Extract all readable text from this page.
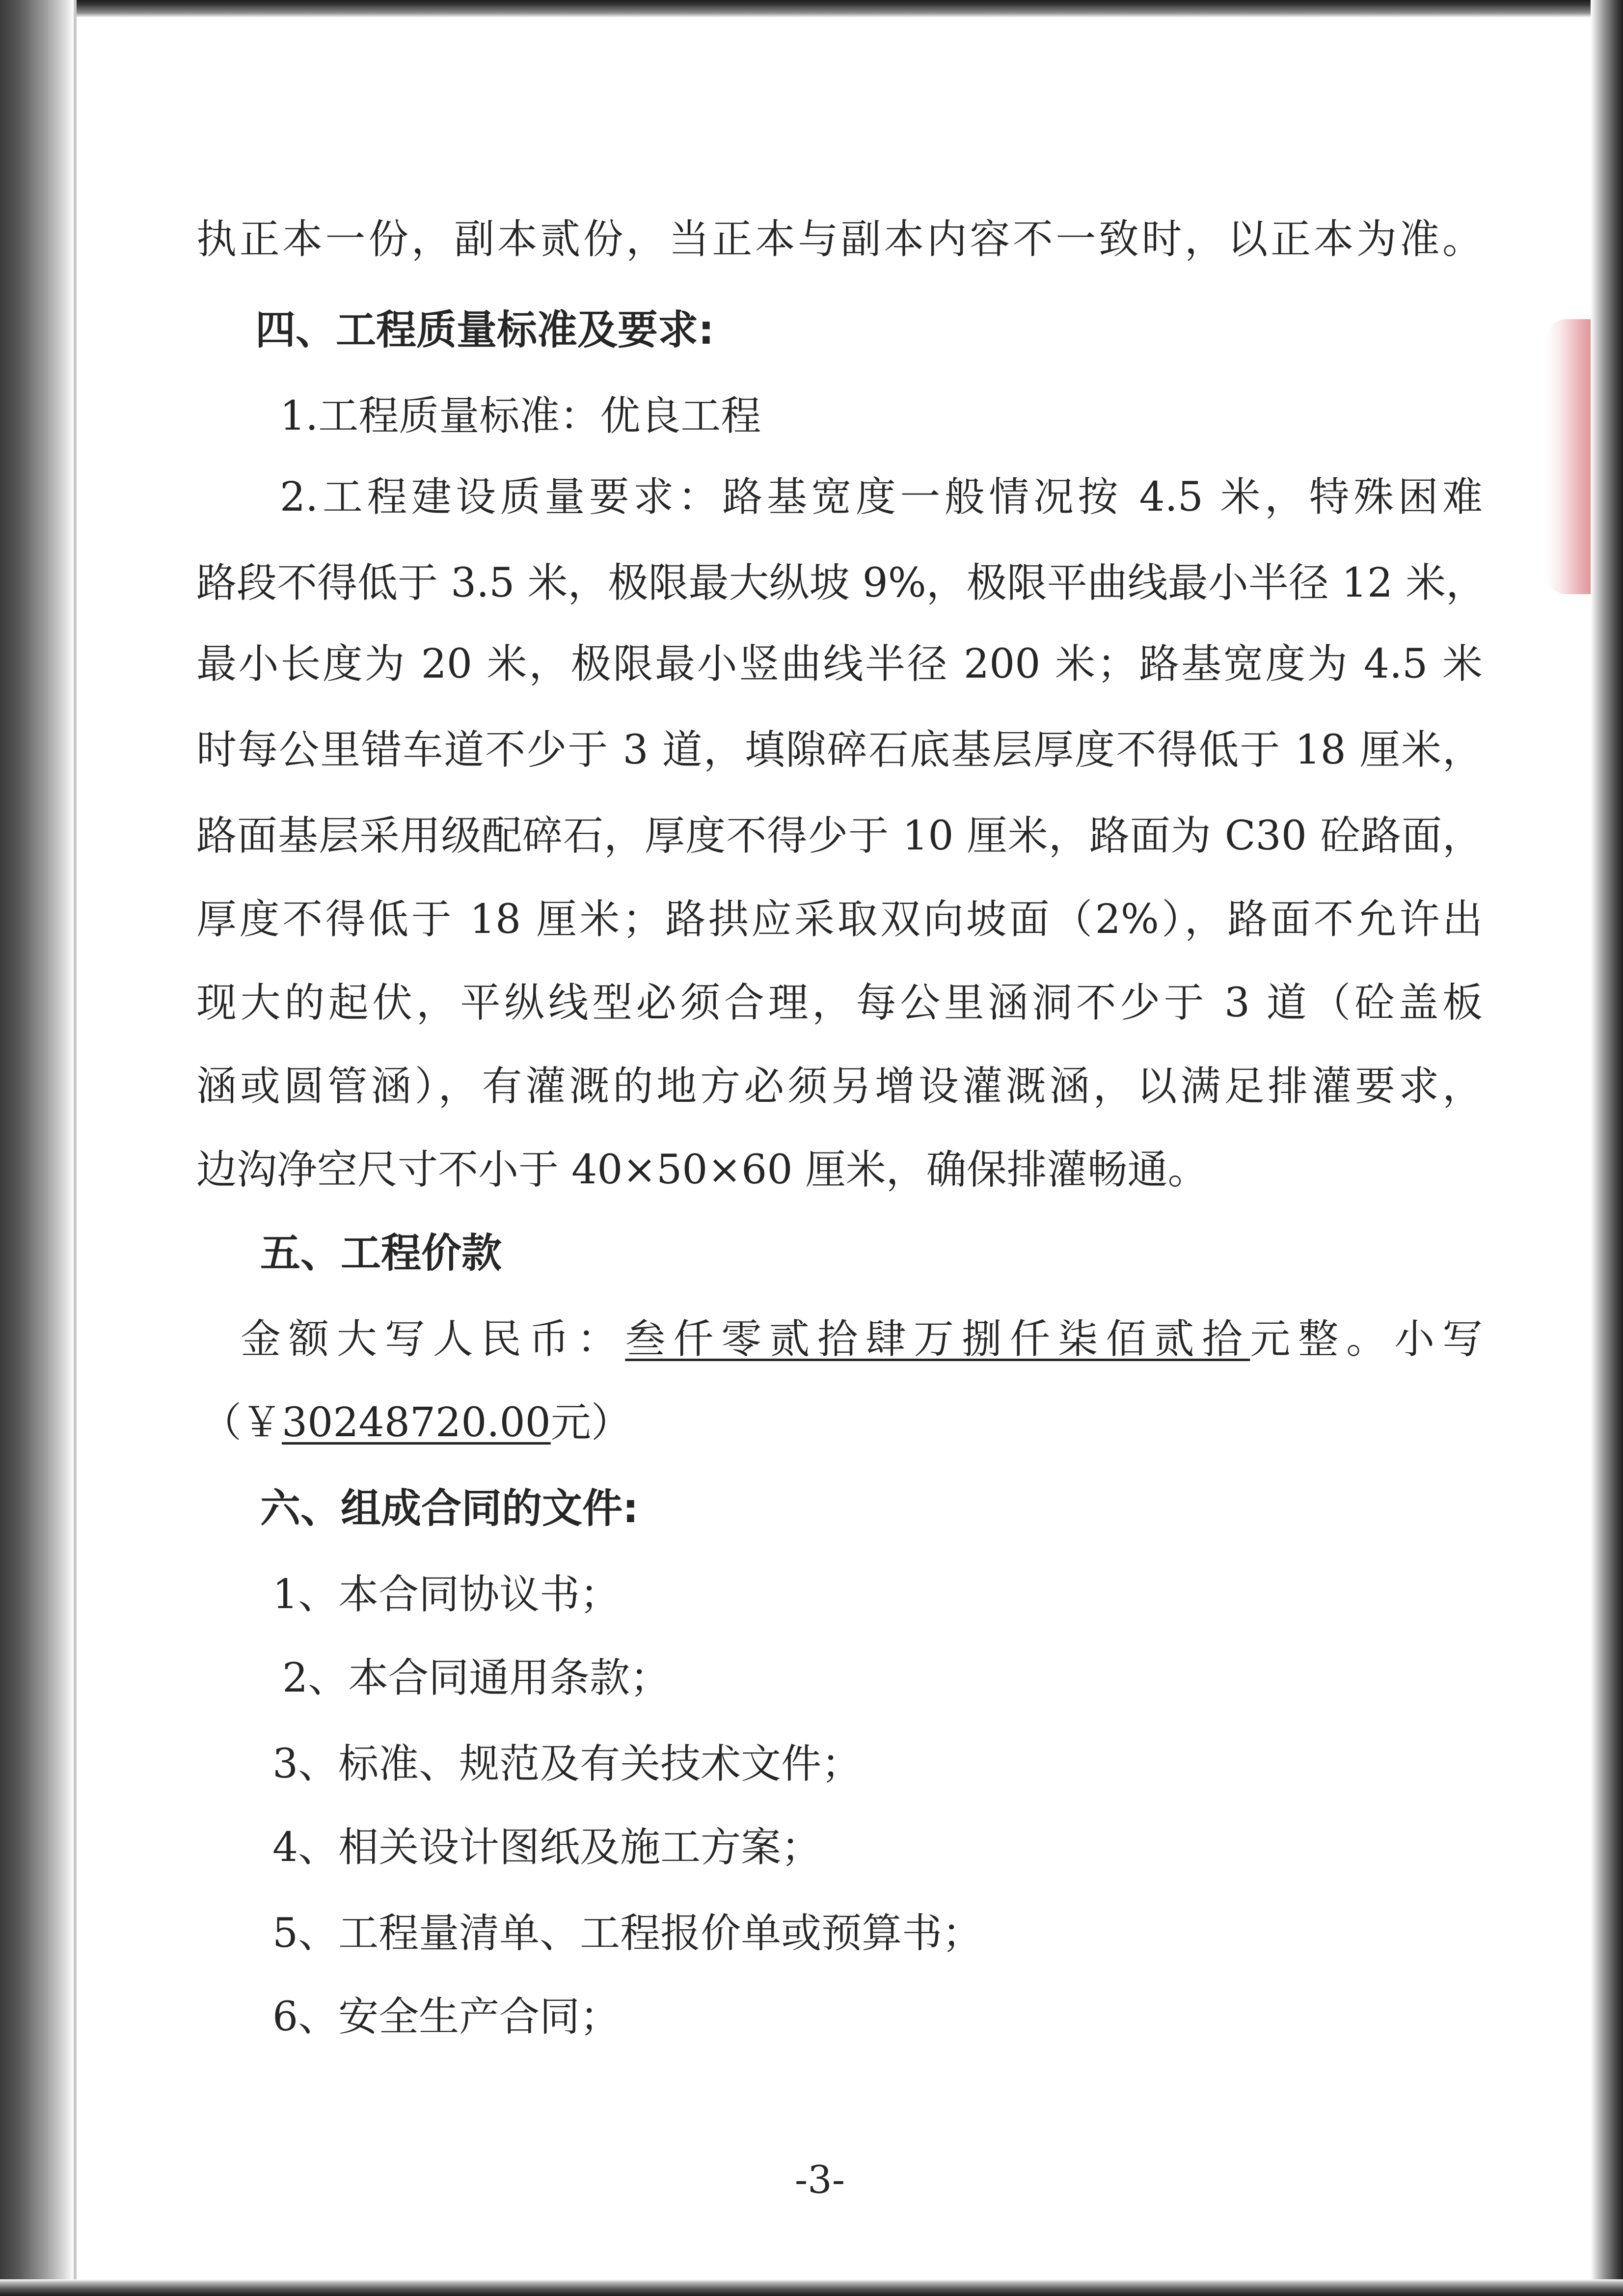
执正本一份，副本贰份，当正本与副本内容不一致时，以正本为准。
四、工程质量标准及要求:
1.工程质量标准：优良工程
2.工程建设质量要求：路基宽度一般情况按 4.5 米，特殊困难
路段不得低于 3.5 米，极限最大纵坡 9%，极限平曲线最小半径 12 米，
最小长度为 20 米，极限最小竖曲线半径 200 米；路基宽度为 4.5 米
时每公里错车道不少于 3 道，填隙碎石底基层厚度不得低于 18 厘米，
路面基层采用级配碎石，厚度不得少于 10 厘米，路面为 C30 砼路面，
厚度不得低于 18 厘米；路拱应采取双向坡面（2%），路面不允许出
现大的起伏，平纵线型必须合理，每公里涵洞不少于 3 道（砼盖板
涵或圆管涵），有灌溉的地方必须另增设灌溉涵，以满足排灌要求，
边沟净空尺寸不小于 40×50×60 厘米，确保排灌畅通。
五、工程价款
金额大写人民币：叁仟零贰拾肆万捌仟柒佰贰拾元整。小写
（￥30248720.00元）
六、组成合同的文件:
1、本合同协议书；
2、本合同通用条款；
3、标准、规范及有关技术文件；
4、相关设计图纸及施工方案；
5、工程量清单、工程报价单或预算书；
6、安全生产合同；
-3-
